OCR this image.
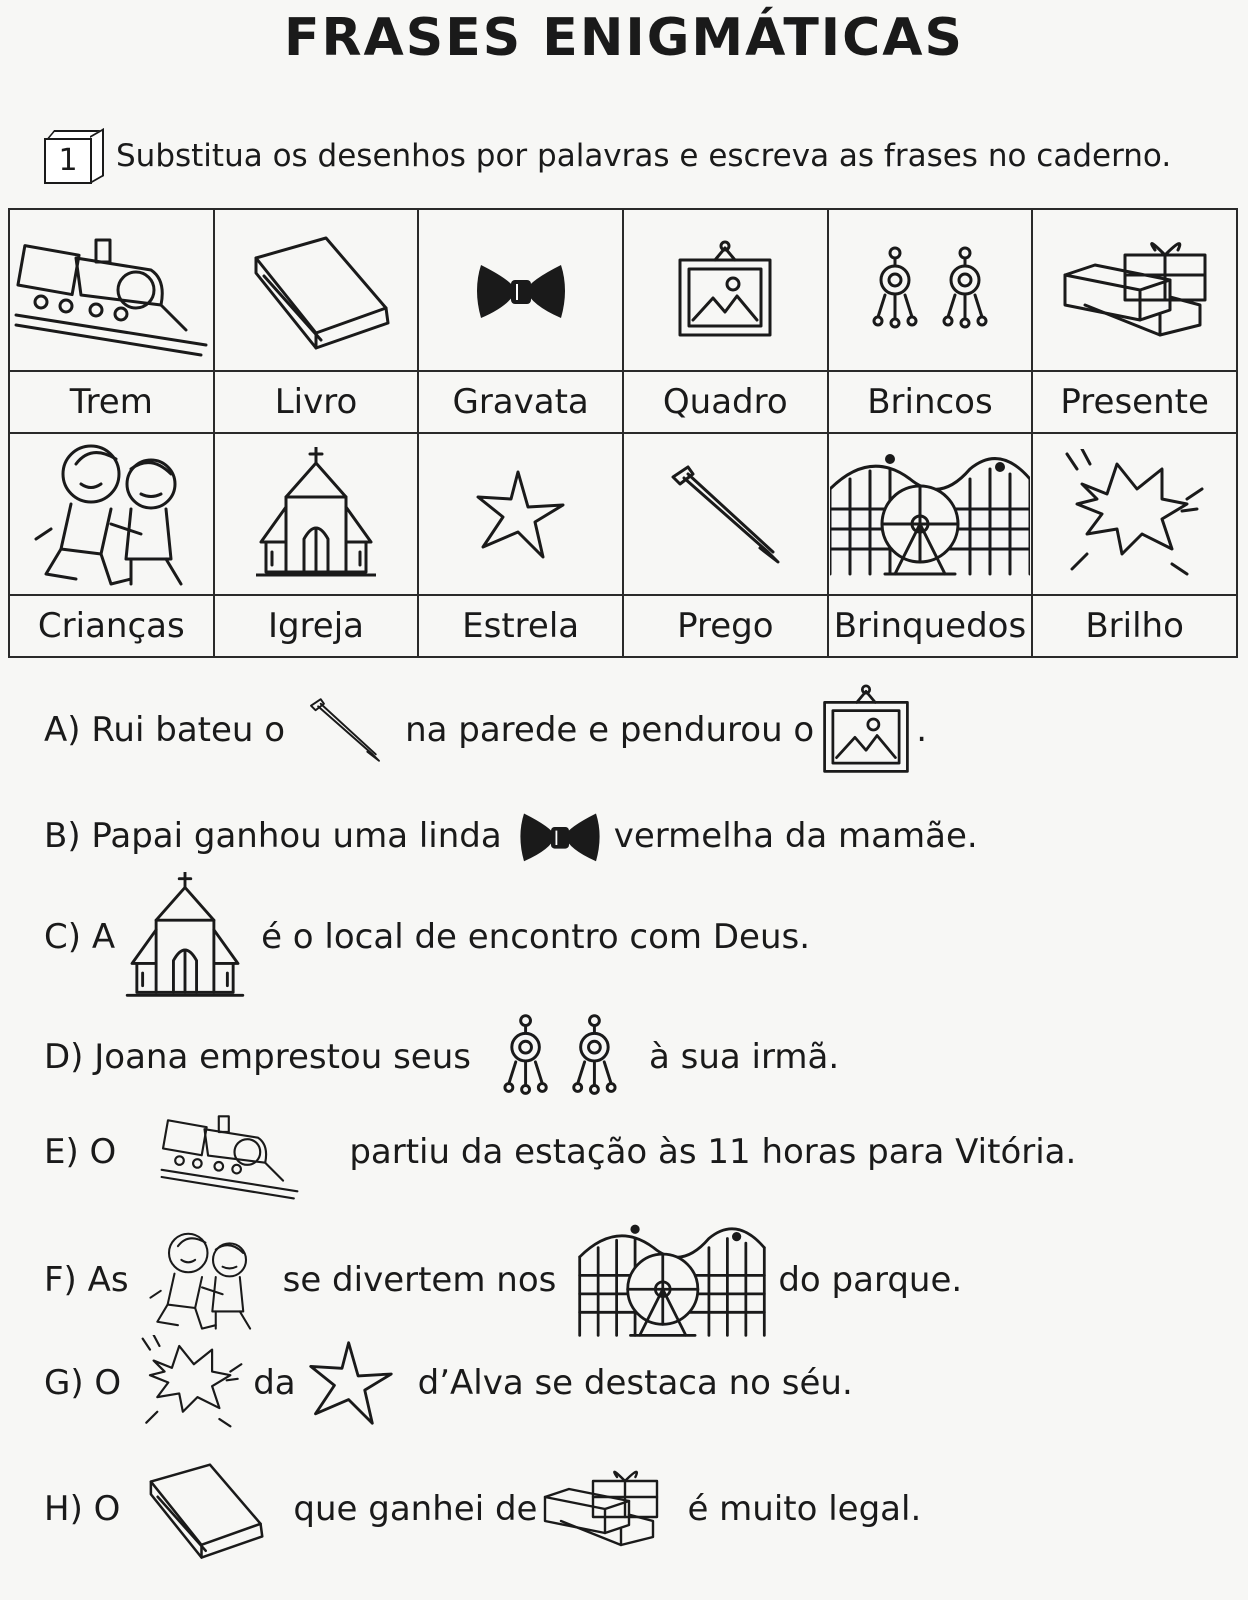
FRASES ENIGMÁTICAS
1	Substitua os desenhos por palavras e escreva as frases no caderno.

Trem	Livro	Gravata	Quadro	Brincos	Presente

Crianças	Igreja	Estrela	Prego	Brinquedos	Brilho
A) Rui bateu o	na parede e pendurou o	.
B) Papai ganhou uma linda	vermelha da mamãe.
C) A	é o local de encontro com Deus.
D) Joana emprestou seus	à sua irmã.
E) O	partiu da estação às 11 horas para Vitória.
F) As	se divertem nos	do parque.
G) O	da	d’Alva se destaca no séu.
H) O	que ganhei de	é muito legal.
